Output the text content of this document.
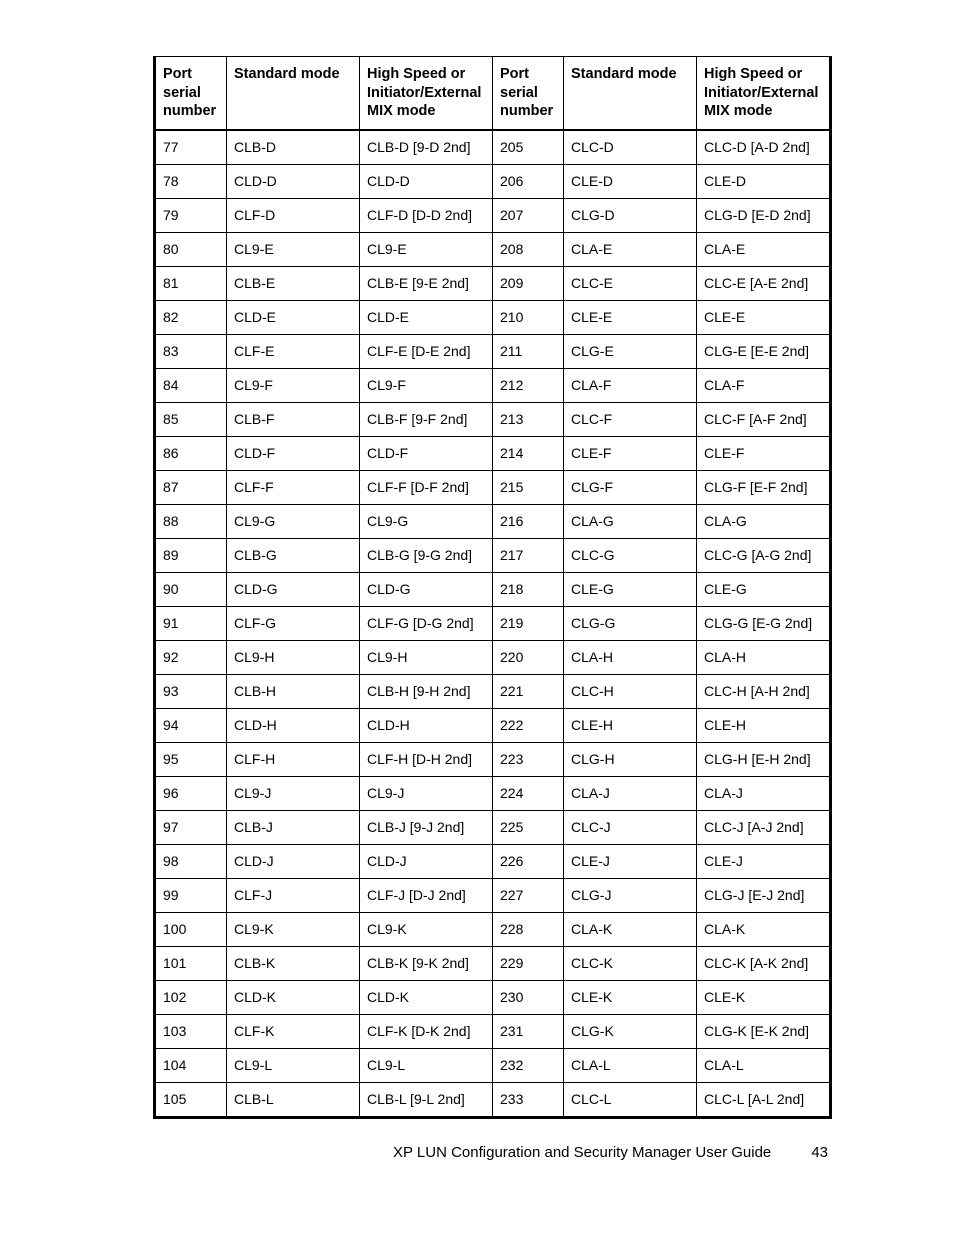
Port serial number	Standard mode	High Speed or Initiator/External MIX mode	Port serial number	Standard mode	High Speed or Initiator/External MIX mode
77	CLB-D	CLB-D [9-D 2nd]	205	CLC-D	CLC-D [A-D 2nd]
78	CLD-D	CLD-D	206	CLE-D	CLE-D
79	CLF-D	CLF-D [D-D 2nd]	207	CLG-D	CLG-D [E-D 2nd]
80	CL9-E	CL9-E	208	CLA-E	CLA-E
81	CLB-E	CLB-E [9-E 2nd]	209	CLC-E	CLC-E [A-E 2nd]
82	CLD-E	CLD-E	210	CLE-E	CLE-E
83	CLF-E	CLF-E [D-E 2nd]	211	CLG-E	CLG-E [E-E 2nd]
84	CL9-F	CL9-F	212	CLA-F	CLA-F
85	CLB-F	CLB-F [9-F 2nd]	213	CLC-F	CLC-F [A-F 2nd]
86	CLD-F	CLD-F	214	CLE-F	CLE-F
87	CLF-F	CLF-F [D-F 2nd]	215	CLG-F	CLG-F [E-F 2nd]
88	CL9-G	CL9-G	216	CLA-G	CLA-G
89	CLB-G	CLB-G [9-G 2nd]	217	CLC-G	CLC-G [A-G 2nd]
90	CLD-G	CLD-G	218	CLE-G	CLE-G
91	CLF-G	CLF-G [D-G 2nd]	219	CLG-G	CLG-G [E-G 2nd]
92	CL9-H	CL9-H	220	CLA-H	CLA-H
93	CLB-H	CLB-H [9-H 2nd]	221	CLC-H	CLC-H [A-H 2nd]
94	CLD-H	CLD-H	222	CLE-H	CLE-H
95	CLF-H	CLF-H [D-H 2nd]	223	CLG-H	CLG-H [E-H 2nd]
96	CL9-J	CL9-J	224	CLA-J	CLA-J
97	CLB-J	CLB-J [9-J 2nd]	225	CLC-J	CLC-J [A-J 2nd]
98	CLD-J	CLD-J	226	CLE-J	CLE-J
99	CLF-J	CLF-J [D-J 2nd]	227	CLG-J	CLG-J [E-J 2nd]
100	CL9-K	CL9-K	228	CLA-K	CLA-K
101	CLB-K	CLB-K [9-K 2nd]	229	CLC-K	CLC-K [A-K 2nd]
102	CLD-K	CLD-K	230	CLE-K	CLE-K
103	CLF-K	CLF-K [D-K 2nd]	231	CLG-K	CLG-K [E-K 2nd]
104	CL9-L	CL9-L	232	CLA-L	CLA-L
105	CLB-L	CLB-L [9-L 2nd]	233	CLC-L	CLC-L [A-L 2nd]
XP LUN Configuration and Security Manager User Guide	43
